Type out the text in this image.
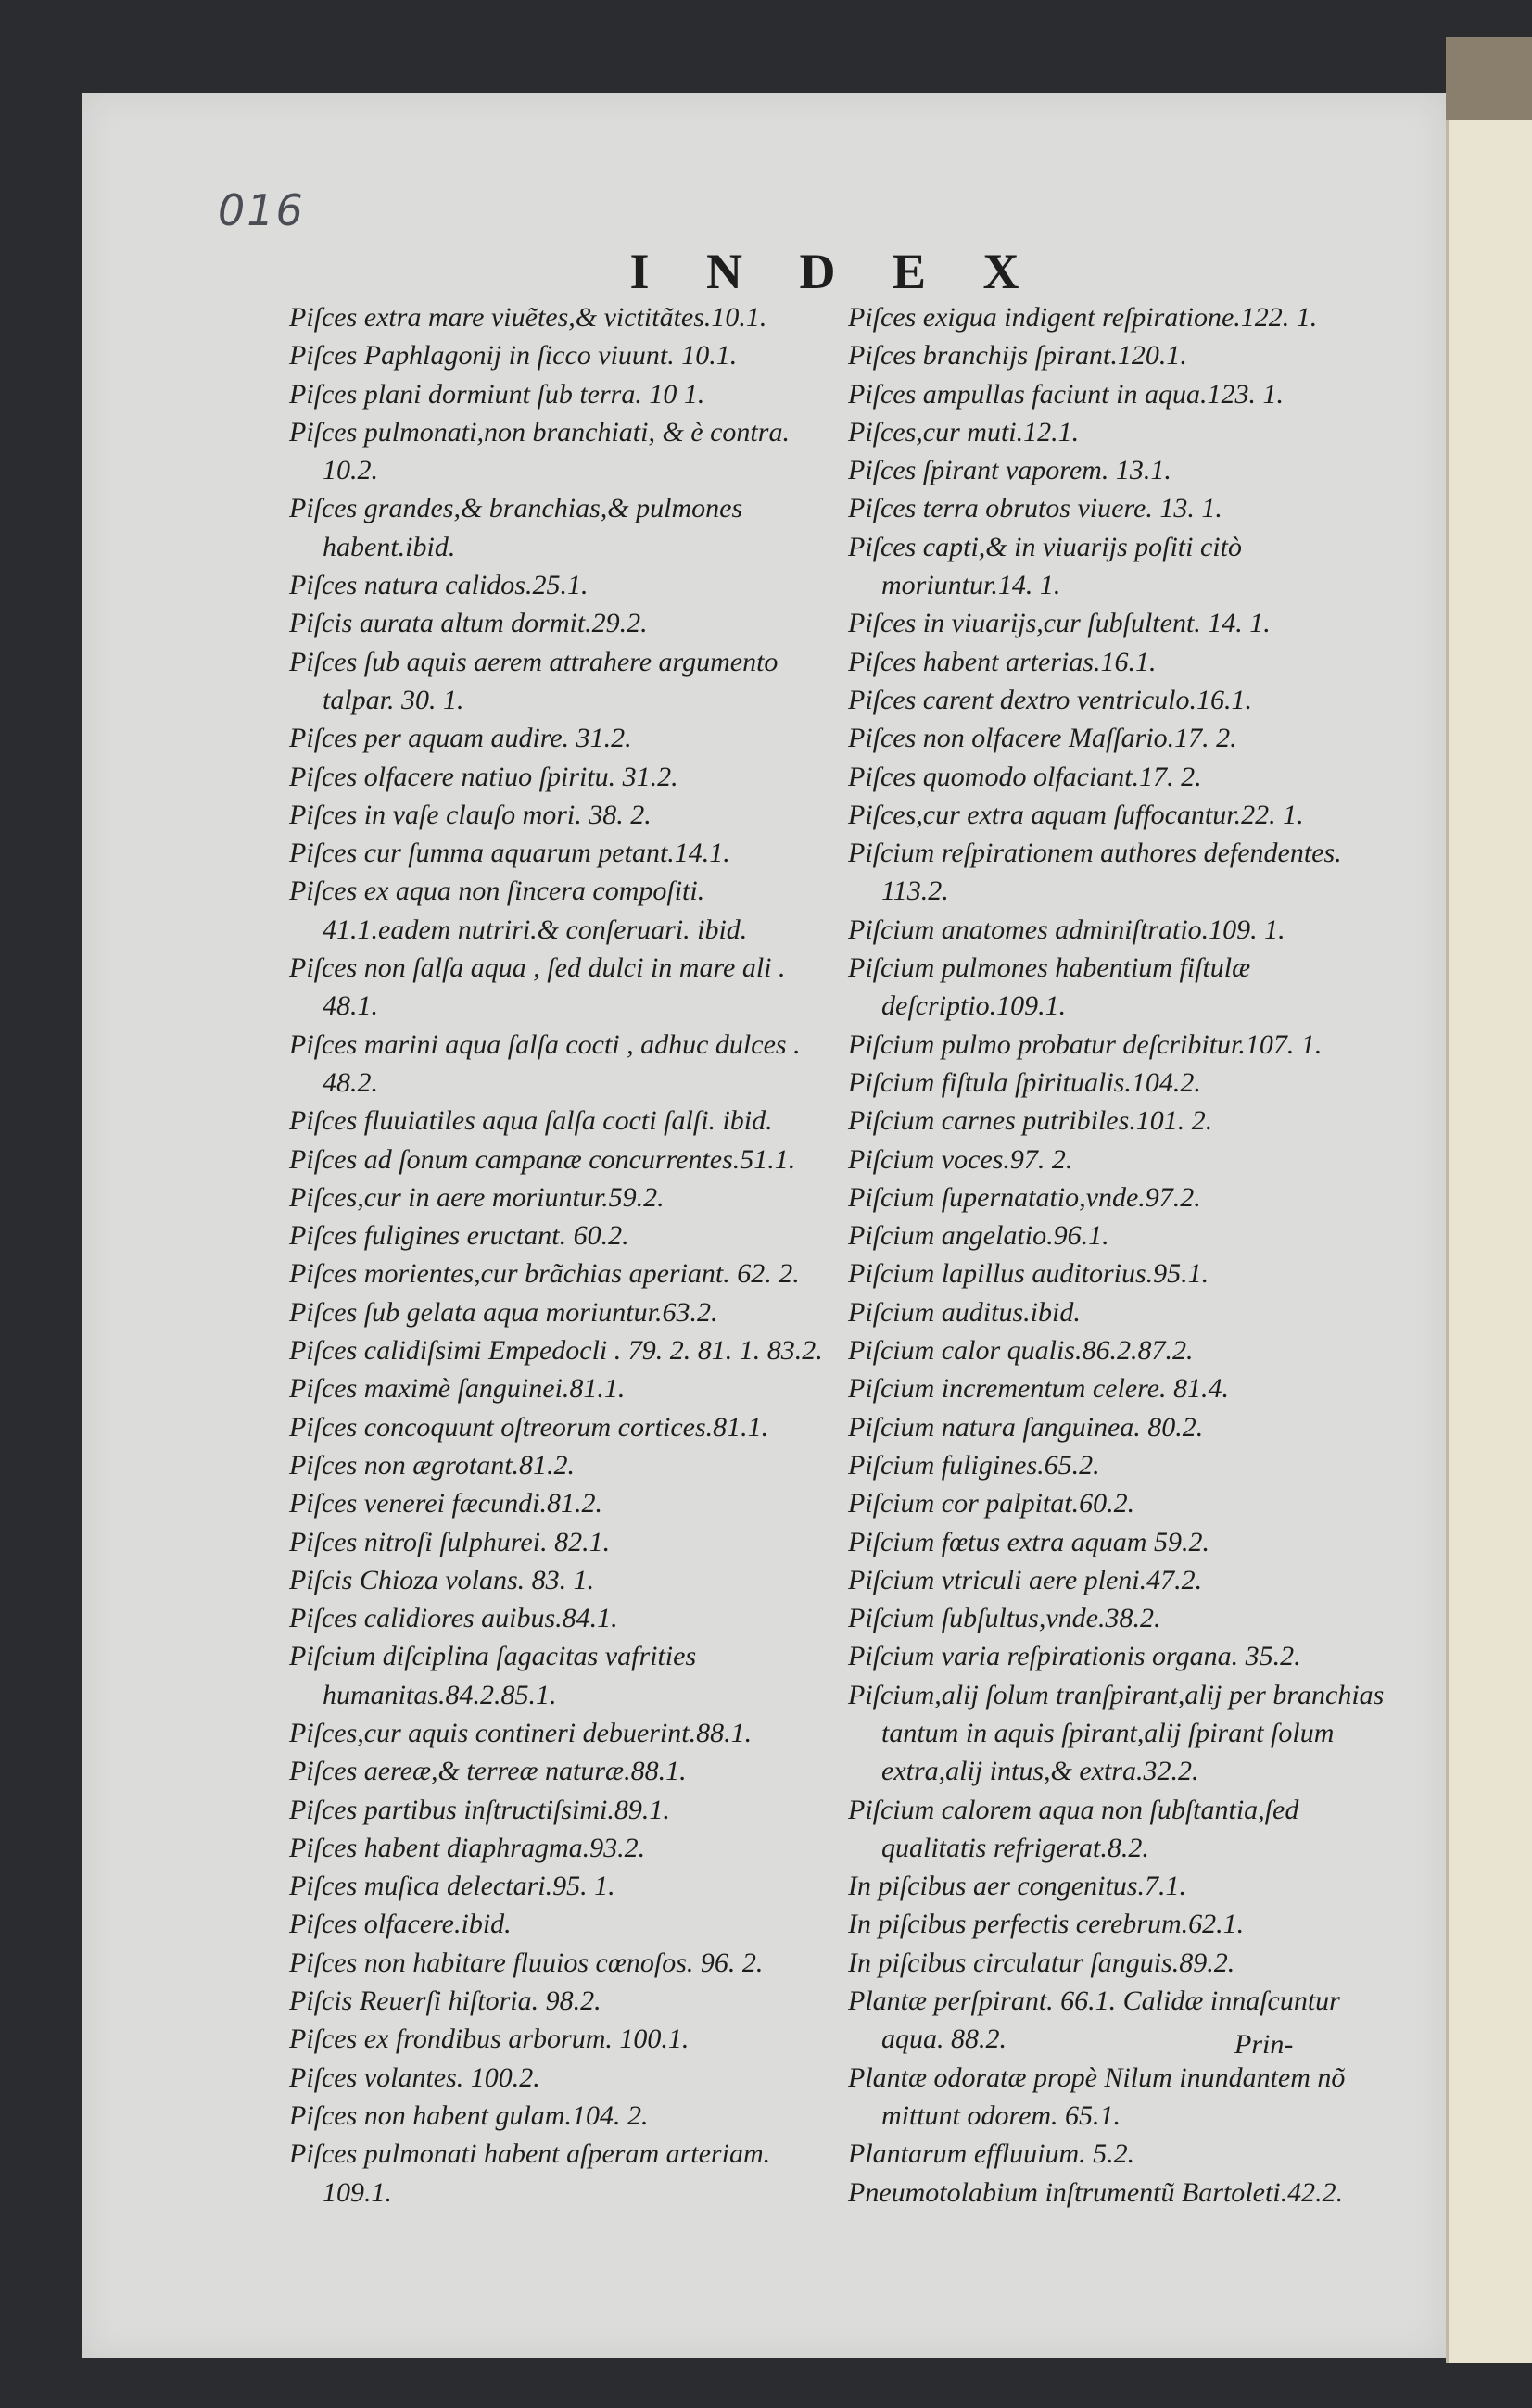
016
I N D E X

Piſces extra mare viuẽtes,& victitãtes.10.1.

Piſces Paphlagonij in ſicco viuunt. 10.1.

Piſces plani dormiunt ſub terra. 10 1.

Piſces pulmonati,non branchiati, & è contra. 10.2.

Piſces grandes,& branchias,& pulmones habent.ibid.

Piſces natura calidos.25.1.

Piſcis aurata altum dormit.29.2.

Piſces ſub aquis aerem attrahere argumento talpar. 30. 1.

Piſces per aquam audire. 31.2.

Piſces olfacere natiuo ſpiritu. 31.2.

Piſces in vaſe clauſo mori. 38. 2.

Piſces cur ſumma aquarum petant.14.1.

Piſces ex aqua non ſincera compoſiti. 41.1.eadem nutriri.& conſeruari. ibid.

Piſces non ſalſa aqua , ſed dulci in mare ali . 48.1.

Piſces marini aqua ſalſa cocti , adhuc dulces . 48.2.

Piſces fluuiatiles aqua ſalſa cocti ſalſi. ibid.

Piſces ad ſonum campanæ concurrentes.51.1.

Piſces,cur in aere moriuntur.59.2.

Piſces fuligines eructant. 60.2.

Piſces morientes,cur brãchias aperiant. 62. 2.

Piſces ſub gelata aqua moriuntur.63.2.

Piſces calidiſsimi Empedocli . 79. 2. 81. 1. 83.2.

Piſces maximè ſanguinei.81.1.

Piſces concoquunt oſtreorum cortices.81.1.

Piſces non ægrotant.81.2.

Piſces venerei fæcundi.81.2.

Piſces nitroſi ſulphurei. 82.1.

Piſcis Chioza volans. 83. 1.

Piſces calidiores auibus.84.1.

Piſcium diſciplina ſagacitas vafrities humanitas.84.2.85.1.

Piſces,cur aquis contineri debuerint.88.1.

Piſces aereæ,& terreæ naturæ.88.1.

Piſces partibus inſtructiſsimi.89.1.

Piſces habent diaphragma.93.2.

Piſces muſica delectari.95. 1.

Piſces olfacere.ibid.

Piſces non habitare fluuios cœnoſos. 96. 2.

Piſcis Reuerſi hiſtoria. 98.2.

Piſces ex frondibus arborum. 100.1.

Piſces volantes. 100.2.

Piſces non habent gulam.104. 2.

Piſces pulmonati habent aſperam arteriam. 109.1.

Piſces exigua indigent reſpiratione.122. 1.

Piſces branchijs ſpirant.120.1.

Piſces ampullas faciunt in aqua.123. 1.

Piſces,cur muti.12.1.

Piſces ſpirant vaporem. 13.1.

Piſces terra obrutos viuere. 13. 1.

Piſces capti,& in viuarijs poſiti citò moriuntur.14. 1.

Piſces in viuarijs,cur ſubſultent. 14. 1.

Piſces habent arterias.16.1.

Piſces carent dextro ventriculo.16.1.

Piſces non olfacere Maſſario.17. 2.

Piſces quomodo olfaciant.17. 2.

Piſces,cur extra aquam ſuffocantur.22. 1.

Piſcium reſpirationem authores defendentes. 113.2.

Piſcium anatomes adminiſtratio.109. 1.

Piſcium pulmones habentium fiſtulæ deſcriptio.109.1.

Piſcium pulmo probatur deſcribitur.107. 1.

Piſcium fiſtula ſpiritualis.104.2.

Piſcium carnes putribiles.101. 2.

Piſcium voces.97. 2.

Piſcium ſupernatatio,vnde.97.2.

Piſcium angelatio.96.1.

Piſcium lapillus auditorius.95.1.

Piſcium auditus.ibid.

Piſcium calor qualis.86.2.87.2.

Piſcium incrementum celere. 81.4.

Piſcium natura ſanguinea. 80.2.

Piſcium fuligines.65.2.

Piſcium cor palpitat.60.2.

Piſcium fœtus extra aquam 59.2.

Piſcium vtriculi aere pleni.47.2.

Piſcium ſubſultus,vnde.38.2.

Piſcium varia reſpirationis organa. 35.2.

Piſcium,alij ſolum tranſpirant,alij per branchias tantum in aquis ſpirant,alij ſpirant ſolum extra,alij intus,& extra.32.2.

Piſcium calorem aqua non ſubſtantia,ſed qualitatis refrigerat.8.2.

In piſcibus aer congenitus.7.1.

In piſcibus perfectis cerebrum.62.1.

In piſcibus circulatur ſanguis.89.2.

Plantæ perſpirant. 66.1. Calidæ innaſcuntur aqua. 88.2.

Plantæ odoratæ propè Nilum inundantem nõ mittunt odorem. 65.1.

Plantarum effluuium. 5.2.

Pneumotolabium inſtrumentũ Bartoleti.42.2.

Prin-
